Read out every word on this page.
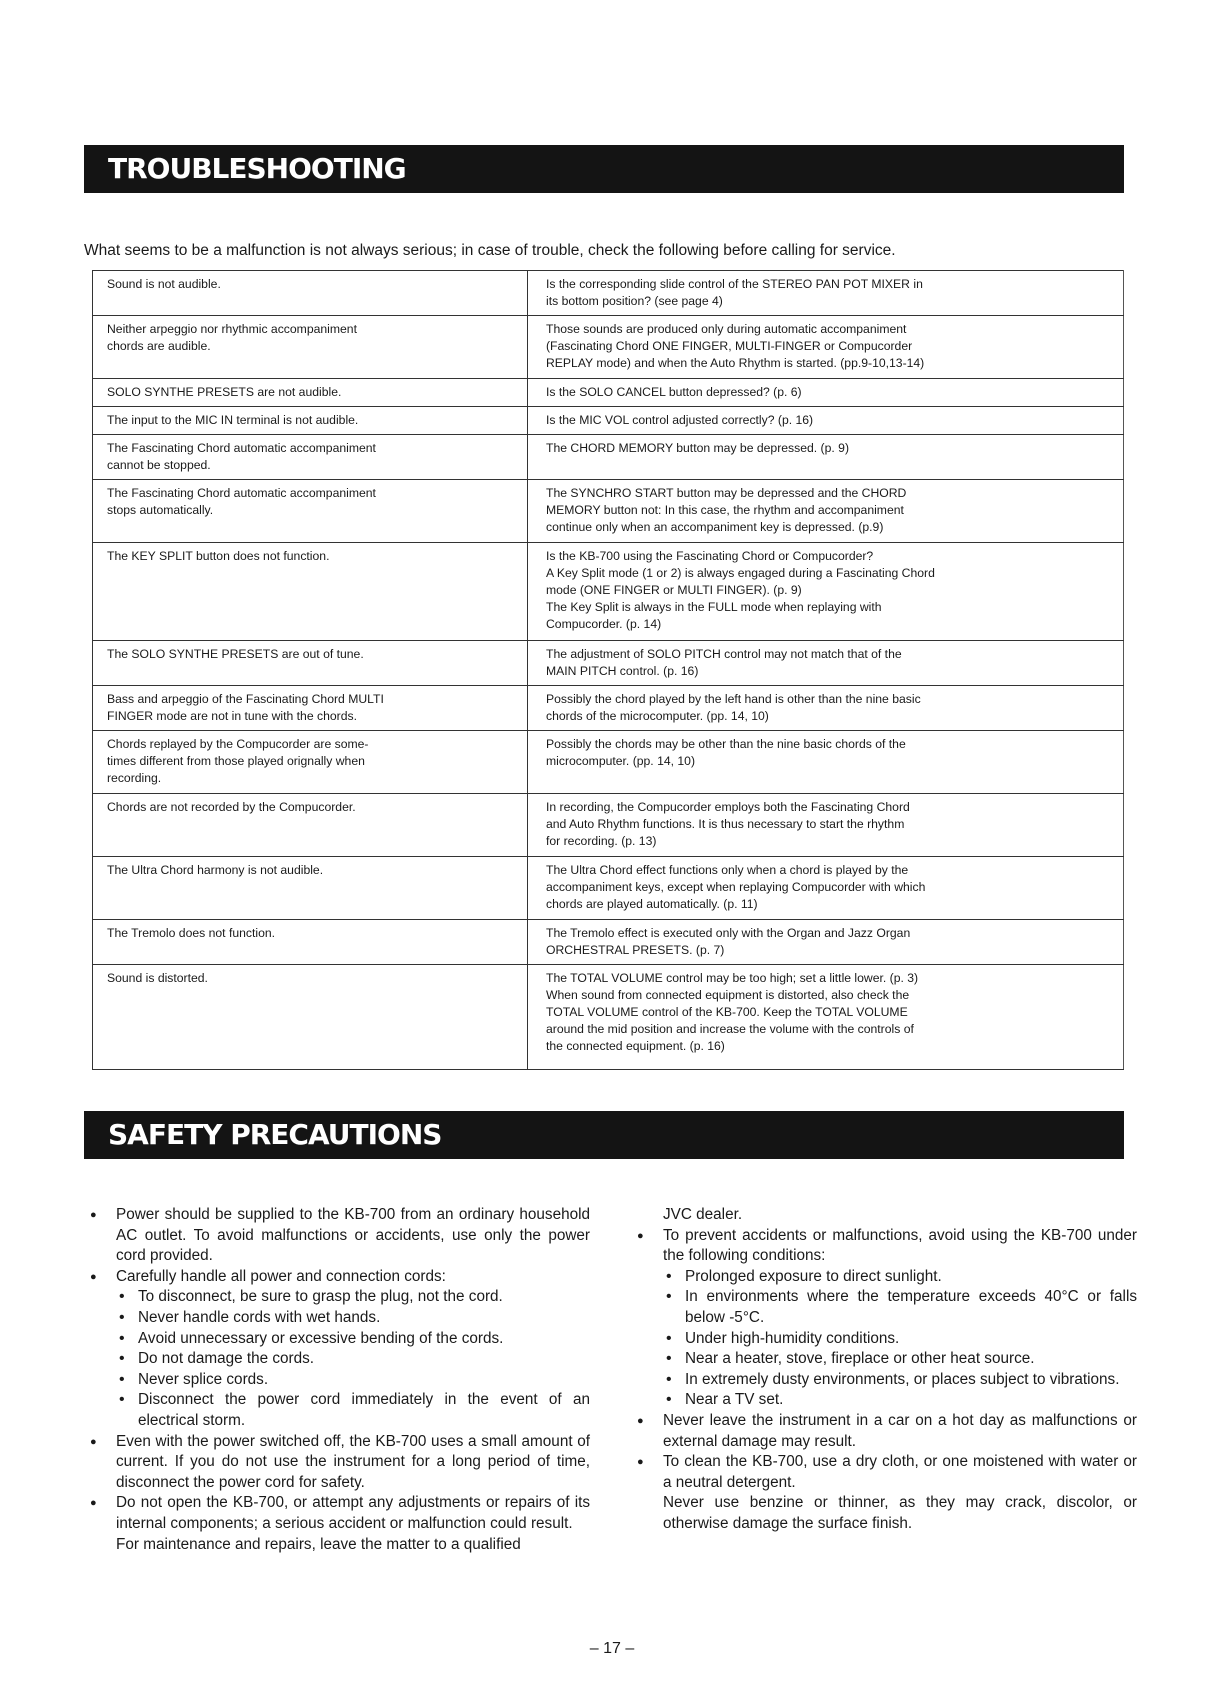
TROUBLESHOOTING
What seems to be a malfunction is not always serious; in case of trouble, check the following before calling for service.
Sound is not audible.	Is the corresponding slide control of the STEREO PAN POT MIXER in
its bottom position? (see page 4)
Neither arpeggio nor rhythmic accompaniment
chords are audible.	Those sounds are produced only during automatic accompaniment
(Fascinating Chord ONE FINGER, MULTI-FINGER or Compucorder
REPLAY mode) and when the Auto Rhythm is started. (pp.9-10,13-14)
SOLO SYNTHE PRESETS are not audible.	Is the SOLO CANCEL button depressed? (p. 6)
The input to the MIC IN terminal is not audible.	Is the MIC VOL control adjusted correctly? (p. 16)
The Fascinating Chord automatic accompaniment
cannot be stopped.	The CHORD MEMORY button may be depressed. (p. 9)
The Fascinating Chord automatic accompaniment
stops automatically.	The SYNCHRO START button may be depressed and the CHORD
MEMORY button not: In this case, the rhythm and accompaniment
continue only when an accompaniment key is depressed. (p.9)
The KEY SPLIT button does not function.	Is the KB-700 using the Fascinating Chord or Compucorder?
A Key Split mode (1 or 2) is always engaged during a Fascinating Chord
mode (ONE FINGER or MULTI FINGER). (p. 9)
The Key Split is always in the FULL mode when replaying with
Compucorder. (p. 14)
The SOLO SYNTHE PRESETS are out of tune.	The adjustment of SOLO PITCH control may not match that of the
MAIN PITCH control. (p. 16)
Bass and arpeggio of the Fascinating Chord MULTI
FINGER mode are not in tune with the chords.	Possibly the chord played by the left hand is other than the nine basic
chords of the microcomputer. (pp. 14, 10)
Chords replayed by the Compucorder are some-
times different from those played orignally when
recording.	Possibly the chords may be other than the nine basic chords of the
microcomputer. (pp. 14, 10)
Chords are not recorded by the Compucorder.	In recording, the Compucorder employs both the Fascinating Chord
and Auto Rhythm functions. It is thus necessary to start the rhythm
for recording. (p. 13)
The Ultra Chord harmony is not audible.	The Ultra Chord effect functions only when a chord is played by the
accompaniment keys, except when replaying Compucorder with which
chords are played automatically. (p. 11)
The Tremolo does not function.	The Tremolo effect is executed only with the Organ and Jazz Organ
ORCHESTRAL PRESETS. (p. 7)
Sound is distorted.	The TOTAL VOLUME control may be too high; set a little lower. (p. 3)
When sound from connected equipment is distorted, also check the
TOTAL VOLUME control of the KB-700. Keep the TOTAL VOLUME
around the mid position and increase the volume with the controls of
the connected equipment. (p. 16)
SAFETY PRECAUTIONS
● Power should be supplied to the KB-700 from an ordinary household AC outlet. To avoid malfunctions or accidents, use only the power cord provided.
● Carefully handle all power and connection cords:
• To disconnect, be sure to grasp the plug, not the cord.
• Never handle cords with wet hands.
• Avoid unnecessary or excessive bending of the cords.
• Do not damage the cords.
• Never splice cords.
• Disconnect the power cord immediately in the event of an electrical storm.
● Even with the power switched off, the KB-700 uses a small amount of current. If you do not use the instrument for a long period of time, disconnect the power cord for safety.
● Do not open the KB-700, or attempt any adjustments or repairs of its internal components; a serious accident or malfunction could result.
For maintenance and repairs, leave the matter to a qualified
JVC dealer.
● To prevent accidents or malfunctions, avoid using the KB-700 under the following conditions:
• Prolonged exposure to direct sunlight.
• In environments where the temperature exceeds 40°C or falls below -5°C.
• Under high-humidity conditions.
• Near a heater, stove, fireplace or other heat source.
• In extremely dusty environments, or places subject to vibrations.
• Near a TV set.
● Never leave the instrument in a car on a hot day as malfunctions or external damage may result.
● To clean the KB-700, use a dry cloth, or one moistened with water or a neutral detergent.
Never use benzine or thinner, as they may crack, discolor, or otherwise damage the surface finish.
– 17 –
